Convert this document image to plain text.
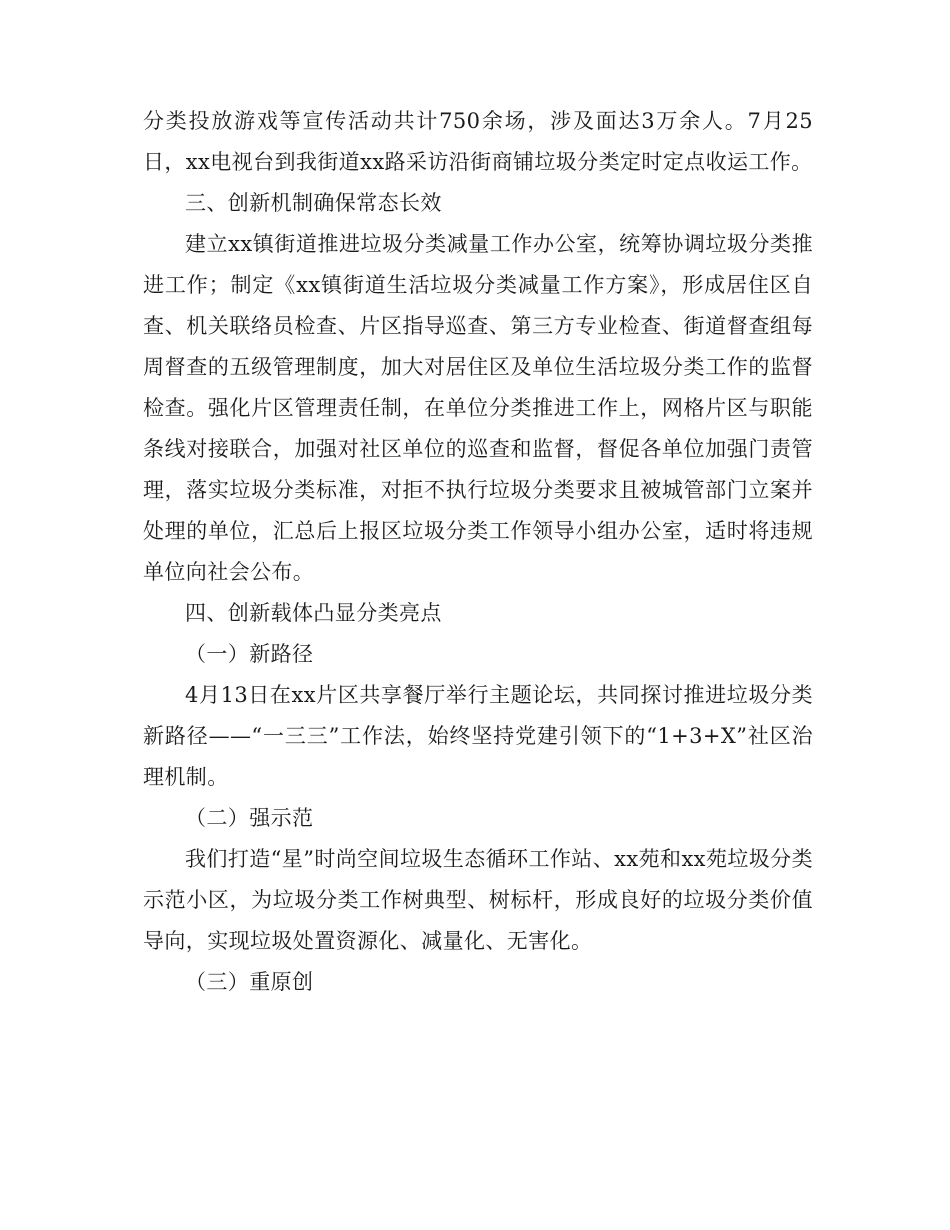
分类投放游戏等宣传活动共计750余场，涉及面达3万余人。7月25日，xx电视台到我街道xx路采访沿街商铺垃圾分类定时定点收运工作。

三、创新机制确保常态长效

建立xx镇街道推进垃圾分类减量工作办公室，统筹协调垃圾分类推进工作；制定《xx镇街道生活垃圾分类减量工作方案》，形成居住区自查、机关联络员检查、片区指导巡查、第三方专业检查、街道督查组每周督查的五级管理制度，加大对居住区及单位生活垃圾分类工作的监督检查。强化片区管理责任制，在单位分类推进工作上，网格片区与职能条线对接联合，加强对社区单位的巡查和监督，督促各单位加强门责管理，落实垃圾分类标准，对拒不执行垃圾分类要求且被城管部门立案并处理的单位，汇总后上报区垃圾分类工作领导小组办公室，适时将违规单位向社会公布。

四、创新载体凸显分类亮点

（一）新路径

4月13日在xx片区共享餐厅举行主题论坛，共同探讨推进垃圾分类新路径——“一三三”工作法，始终坚持党建引领下的“1+3+X”社区治理机制。

（二）强示范

我们打造“星”时尚空间垃圾生态循环工作站、xx苑和xx苑垃圾分类示范小区，为垃圾分类工作树典型、树标杆，形成良好的垃圾分类价值导向，实现垃圾处置资源化、减量化、无害化。

（三）重原创
